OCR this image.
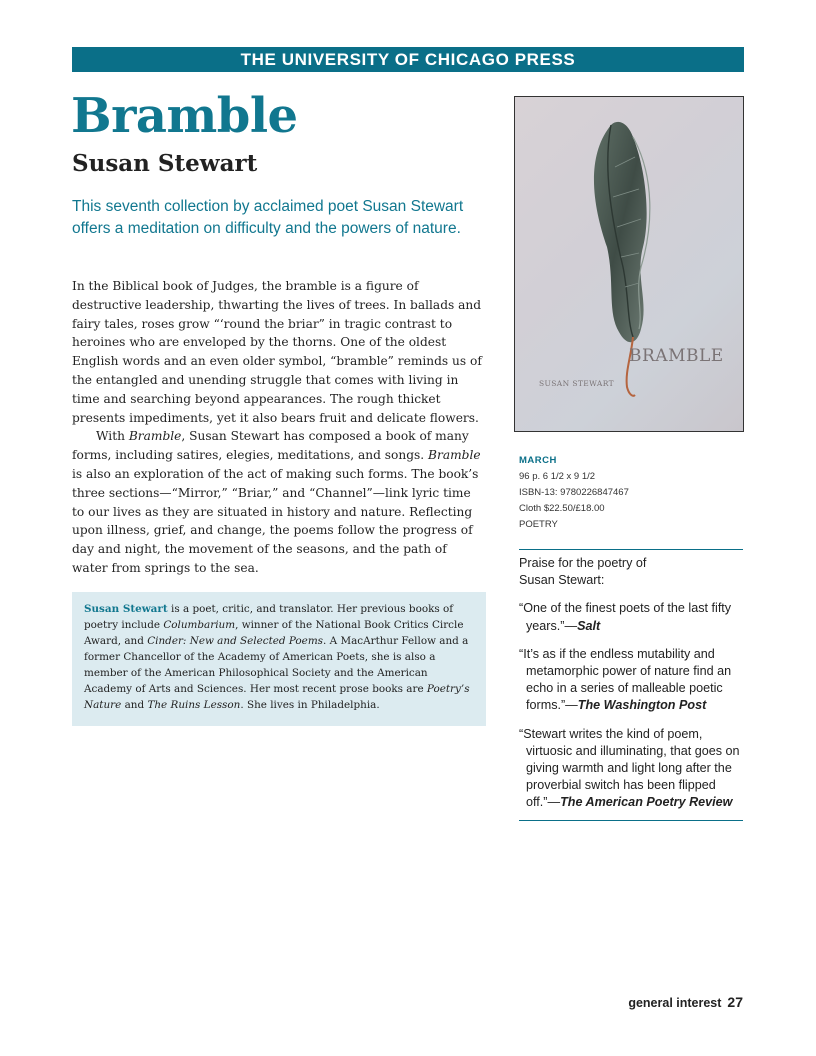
THE UNIVERSITY OF CHICAGO PRESS
Bramble
Susan Stewart

This seventh collection by acclaimed poet Susan Stewart offers a meditation on difficulty and the powers of nature.

In the Biblical book of Judges, the bramble is a figure of destructive leadership, thwarting the lives of trees. In ballads and fairy tales, roses grow “‘round the briar” in tragic contrast to heroines who are enveloped by the thorns. One of the oldest English words and an even older symbol, “bramble” reminds us of the entangled and unending struggle that comes with living in time and searching beyond appearances. The rough thicket presents impediments, yet it also bears fruit and delicate flowers.

With Bramble, Susan Stewart has composed a book of many forms, including satires, elegies, meditations, and songs. Bramble is also an exploration of the act of making such forms. The book’s three sections—“Mirror,” “Briar,” and “Channel”—link lyric time to our lives as they are situated in history and nature. Reflecting upon illness, grief, and change, the poems follow the progress of day and night, the movement of the seasons, and the path of water from springs to the sea.

Susan Stewart is a poet, critic, and translator. Her previous books of poetry include Columbarium, winner of the National Book Critics Circle Award, and Cinder: New and Selected Poems. A MacArthur Fellow and a former Chancellor of the Academy of American Poets, she is also a member of the American Philosophical Society and the American Academy of Arts and Sciences. Her most recent prose books are Poetry’s Nature and The Ruins Lesson. She lives in Philadelphia.
BRAMBLE
SUSAN STEWART
MARCH
96 p. 6 1/2 x 9 1/2
ISBN-13: 9780226847467
Cloth $22.50/£18.00
POETRY

Praise for the poetry of Susan Stewart:

“One of the finest poets of the last fifty years.”—Salt

“It’s as if the endless mutability and metamorphic power of nature find an echo in a series of malleable poetic forms.”—The Washington Post

“Stewart writes the kind of poem, virtuosic and illuminating, that goes on giving warmth and light long after the proverbial switch has been flipped off.”—The American Poetry Review

general interest 27
